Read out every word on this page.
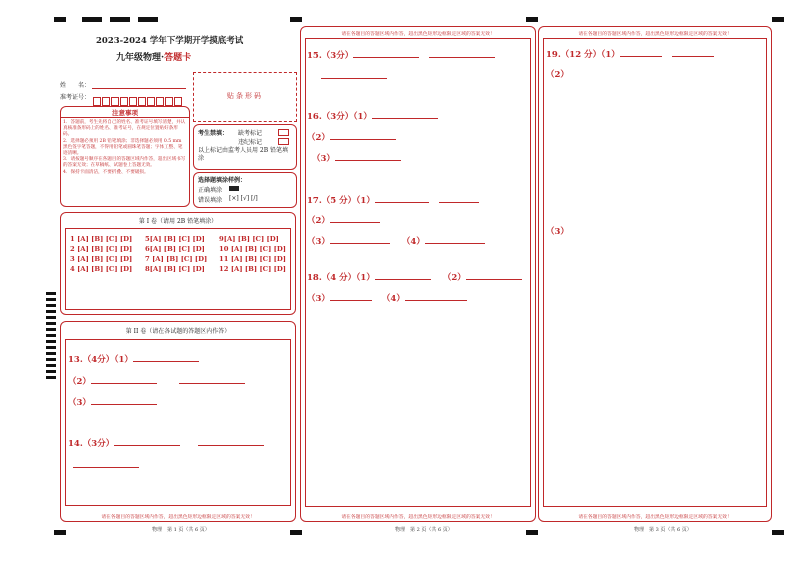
2023-2024 学年下学期开学摸底考试
九年级物理·答题卡
姓　　名：
准考证号：	贴条形码
注意事项
1．答题前，考生先将自己的姓名、准考证号填写清楚，并认真核准条形码上的姓名、准考证号，在规定位置贴好条形码。
2．选择题必须用 2B 铅笔填涂；非选择题必须用 0.5 mm 黑色签字笔答题，不得用铅笔或圆珠笔答题；字体工整、笔迹清晰。
3．请按题号顺序在各题目的答题区域内作答，超出区域书写的答案无效；在草稿纸、试题卷上答题无效。
4．保持卡面清洁，不要折叠、不要破损。
考生禁填： 缺考标记
违纪标记
以上标记由监考人员用 2B 铅笔填涂
选择题填涂样例：
正确填涂
错误填涂 [×] [√] [/]
第 I 卷（请用 2B 铅笔填涂）
1 [A] [B] [C] [D] 5[A] [B] [C] [D] 9[A] [B] [C] [D]
2 [A] [B] [C] [D] 6[A] [B] [C] [D] 10 [A] [B] [C] [D]
3 [A] [B] [C] [D] 7 [A] [B] [C] [D] 11 [A] [B] [C] [D]
4 [A] [B] [C] [D] 8[A] [B] [C] [D] 12 [A] [B] [C] [D]
第 II 卷（请在各试题的答题区内作答）
13.（4分）（1）
（2）
（3）
14.（3分）
请在各题目的答题区域内作答，超出黑色矩形边框限定区域的答案无效！
物理　第 1 页（共 6 页）
请在各题目的答题区域内作答，超出黑色矩形边框限定区域的答案无效！
15.（3分）
16.（3分）（1）
（2）
（3）
17.（5 分）（1）
（2）
（3）	（4）
18.（4 分）（1）	（2）
（3）	（4）
请在各题目的答题区域内作答，超出黑色矩形边框限定区域的答案无效！
物理　第 2 页（共 6 页）
请在各题目的答题区域内作答，超出黑色矩形边框限定区域的答案无效！
19.（12 分）（1）
（2）
（3）
请在各题目的答题区域内作答，超出黑色矩形边框限定区域的答案无效！
物理　第 3 页（共 6 页）
